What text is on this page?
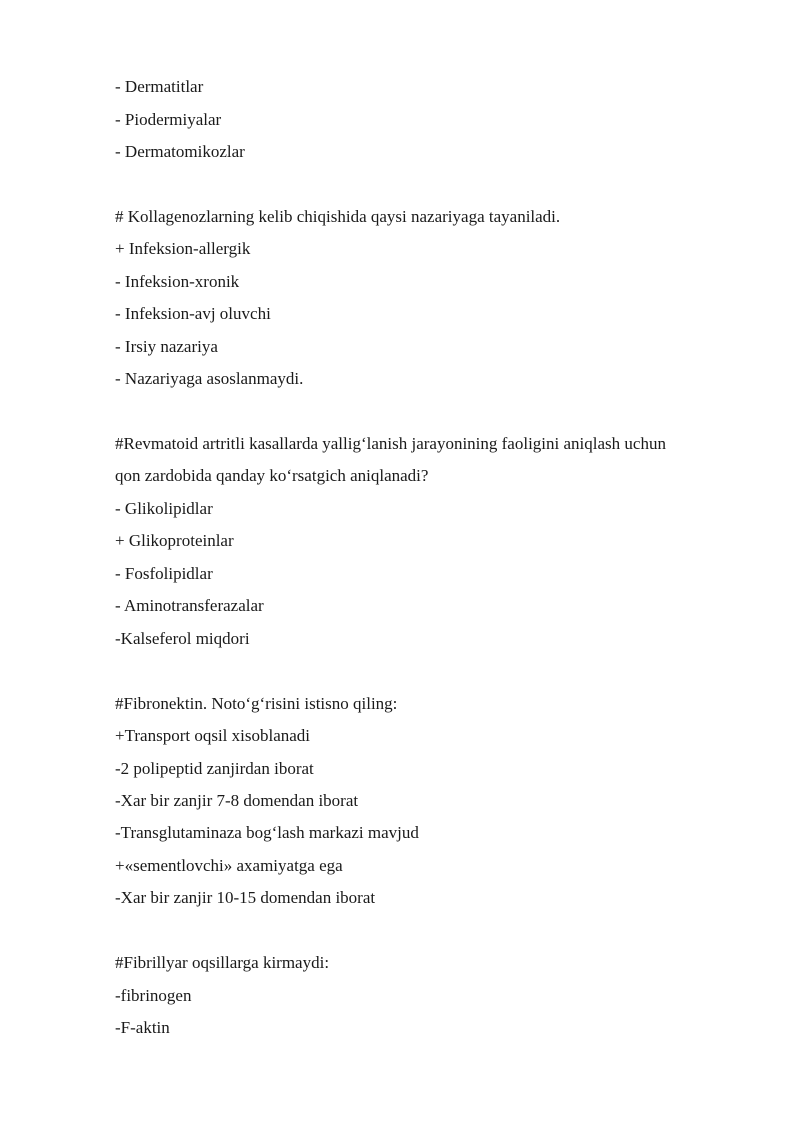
- Dermatitlar
- Piodermiyalar
- Dermatomikozlar
# Kollagenozlarning kelib chiqishida qaysi nazariyaga tayaniladi.
+ Infeksion-allergik
- Infeksion-xronik
- Infeksion-avj oluvchi
- Irsiy nazariya
- Nazariyaga asoslanmaydi.
#Revmatoid artritli kasallarda yallig‘lanish jarayonining faoligini aniqlash uchun
qon zardobida qanday ko‘rsatgich aniqlanadi?
- Glikolipidlar
+ Glikoproteinlar
- Fosfolipidlar
- Aminotransferazalar
-Kalseferol miqdori
#Fibronektin. Noto‘g‘risini istisno qiling:
+Transport oqsil xisoblanadi
-2 polipeptid zanjirdan iborat
-Xar bir zanjir 7-8 domendan iborat
-Transglutaminaza bog‘lash markazi mavjud
+«sementlovchi» axamiyatga ega
-Xar bir zanjir 10-15 domendan iborat
#Fibrillyar oqsillarga kirmaydi:
-fibrinogen
-F-aktin
